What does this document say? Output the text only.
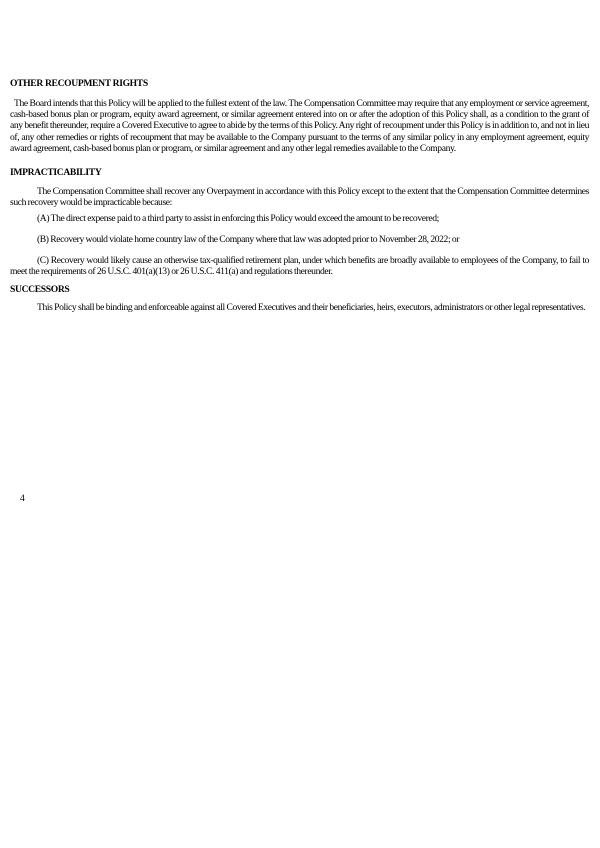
OTHER RECOUPMENT RIGHTS

The Board intends that this Policy will be applied to the fullest extent of the law. The Compensation Committee may require that any employment or service agreement, cash-based bonus plan or program, equity award agreement, or similar agreement entered into on or after the adoption of this Policy shall, as a condition to the grant of any benefit thereunder, require a Covered Executive to agree to abide by the terms of this Policy. Any right of recoupment under this Policy is in addition to, and not in lieu of, any other remedies or rights of recoupment that may be available to the Company pursuant to the terms of any similar policy in any employment agreement, equity award agreement, cash-based bonus plan or program, or similar agreement and any other legal remedies available to the Company.

IMPRACTICABILITY

The Compensation Committee shall recover any Overpayment in accordance with this Policy except to the extent that the Compensation Committee determines such recovery would be impracticable because:

(A) The direct expense paid to a third party to assist in enforcing this Policy would exceed the amount to be recovered;

(B) Recovery would violate home country law of the Company where that law was adopted prior to November 28, 2022; or

(C) Recovery would likely cause an otherwise tax-qualified retirement plan, under which benefits are broadly available to employees of the Company, to fail to meet the requirements of 26 U.S.C. 401(a)(13) or 26 U.S.C. 411(a) and regulations thereunder.

SUCCESSORS

This Policy shall be binding and enforceable against all Covered Executives and their beneficiaries, heirs, executors, administrators or other legal representatives.

4
